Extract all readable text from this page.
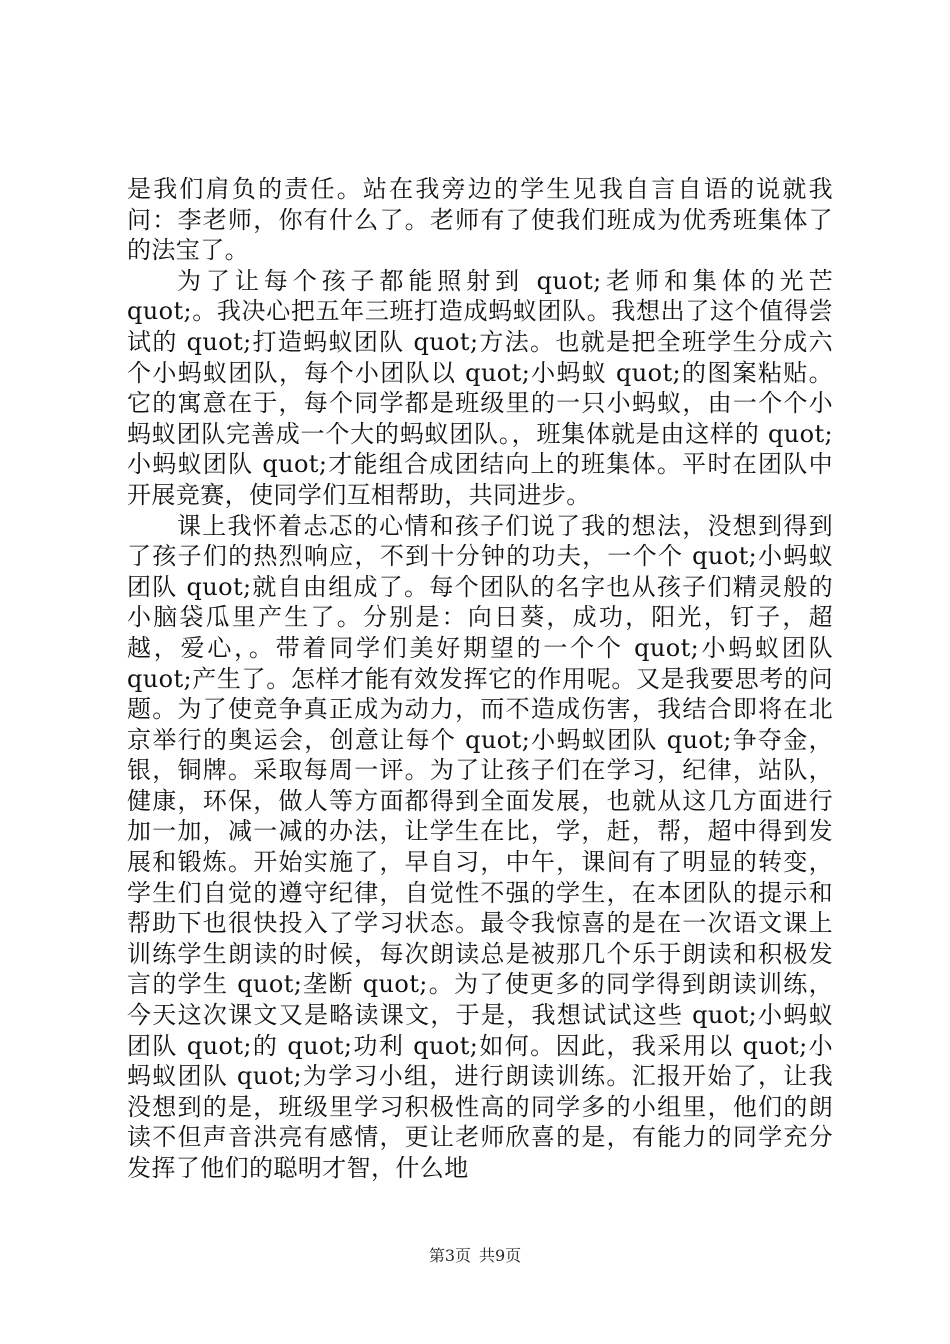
是我们肩负的责任。站在我旁边的学生见我自言自语的说就我问：李老师，你有什么了。老师有了使我们班成为优秀班集体了的法宝了。

为了让每个孩子都能照射到 quot;老师和集体的光芒 quot;。我决心把五年三班打造成蚂蚁团队。我想出了这个值得尝试的 quot;打造蚂蚁团队 quot;方法。也就是把全班学生分成六个小蚂蚁团队，每个小团队以 quot;小蚂蚁 quot;的图案粘贴。它的寓意在于，每个同学都是班级里的一只小蚂蚁，由一个个小蚂蚁团队完善成一个大的蚂蚁团队。，班集体就是由这样的 quot;小蚂蚁团队 quot;才能组合成团结向上的班集体。平时在团队中开展竞赛，使同学们互相帮助，共同进步。

课上我怀着忐忑的心情和孩子们说了我的想法，没想到得到了孩子们的热烈响应，不到十分钟的功夫，一个个 quot;小蚂蚁团队 quot;就自由组成了。每个团队的名字也从孩子们精灵般的小脑袋瓜里产生了。分别是：向日葵，成功，阳光，钉子，超越，爱心，。带着同学们美好期望的一个个 quot;小蚂蚁团队 quot;产生了。怎样才能有效发挥它的作用呢。又是我要思考的问题。为了使竞争真正成为动力，而不造成伤害，我结合即将在北京举行的奥运会，创意让每个 quot;小蚂蚁团队 quot;争夺金，银，铜牌。采取每周一评。为了让孩子们在学习，纪律，站队，健康，环保，做人等方面都得到全面发展，也就从这几方面进行加一加，减一减的办法，让学生在比，学，赶，帮，超中得到发展和锻炼。开始实施了，早自习，中午，课间有了明显的转变，学生们自觉的遵守纪律，自觉性不强的学生，在本团队的提示和帮助下也很快投入了学习状态。最令我惊喜的是在一次语文课上训练学生朗读的时候，每次朗读总是被那几个乐于朗读和积极发言的学生 quot;垄断 quot;。为了使更多的同学得到朗读训练，今天这次课文又是略读课文，于是，我想试试这些 quot;小蚂蚁团队 quot;的 quot;功利 quot;如何。因此，我采用以 quot;小蚂蚁团队 quot;为学习小组，进行朗读训练。汇报开始了，让我没想到的是，班级里学习积极性高的同学多的小组里，他们的朗读不但声音洪亮有感情，更让老师欣喜的是，有能力的同学充分发挥了他们的聪明才智，什么地

第3页 共9页
